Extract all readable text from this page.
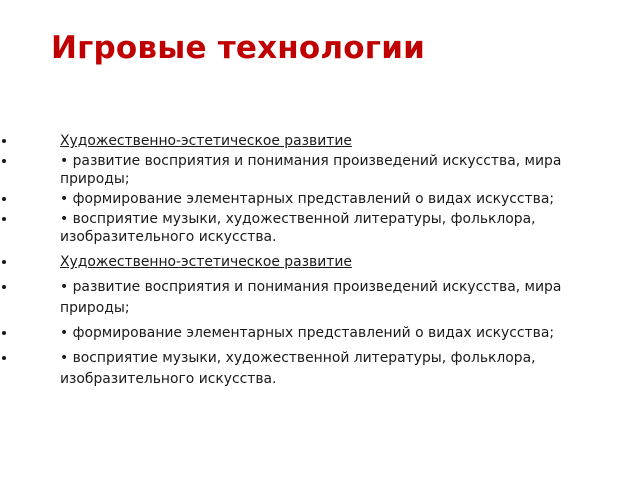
Игровые технологии
Художественно-эстетическое развитие
• развитие восприятия и понимания произведений искусства, мира природы;
• формирование элементарных представлений о видах искусства;
• восприятие музыки, художественной литературы, фольклора, изобразительного искусства.
Художественно-эстетическое развитие
• развитие восприятия и понимания произведений искусства, мира природы;
• формирование элементарных представлений о видах искусства;
• восприятие музыки, художественной литературы, фольклора, изобразительного искусства.
